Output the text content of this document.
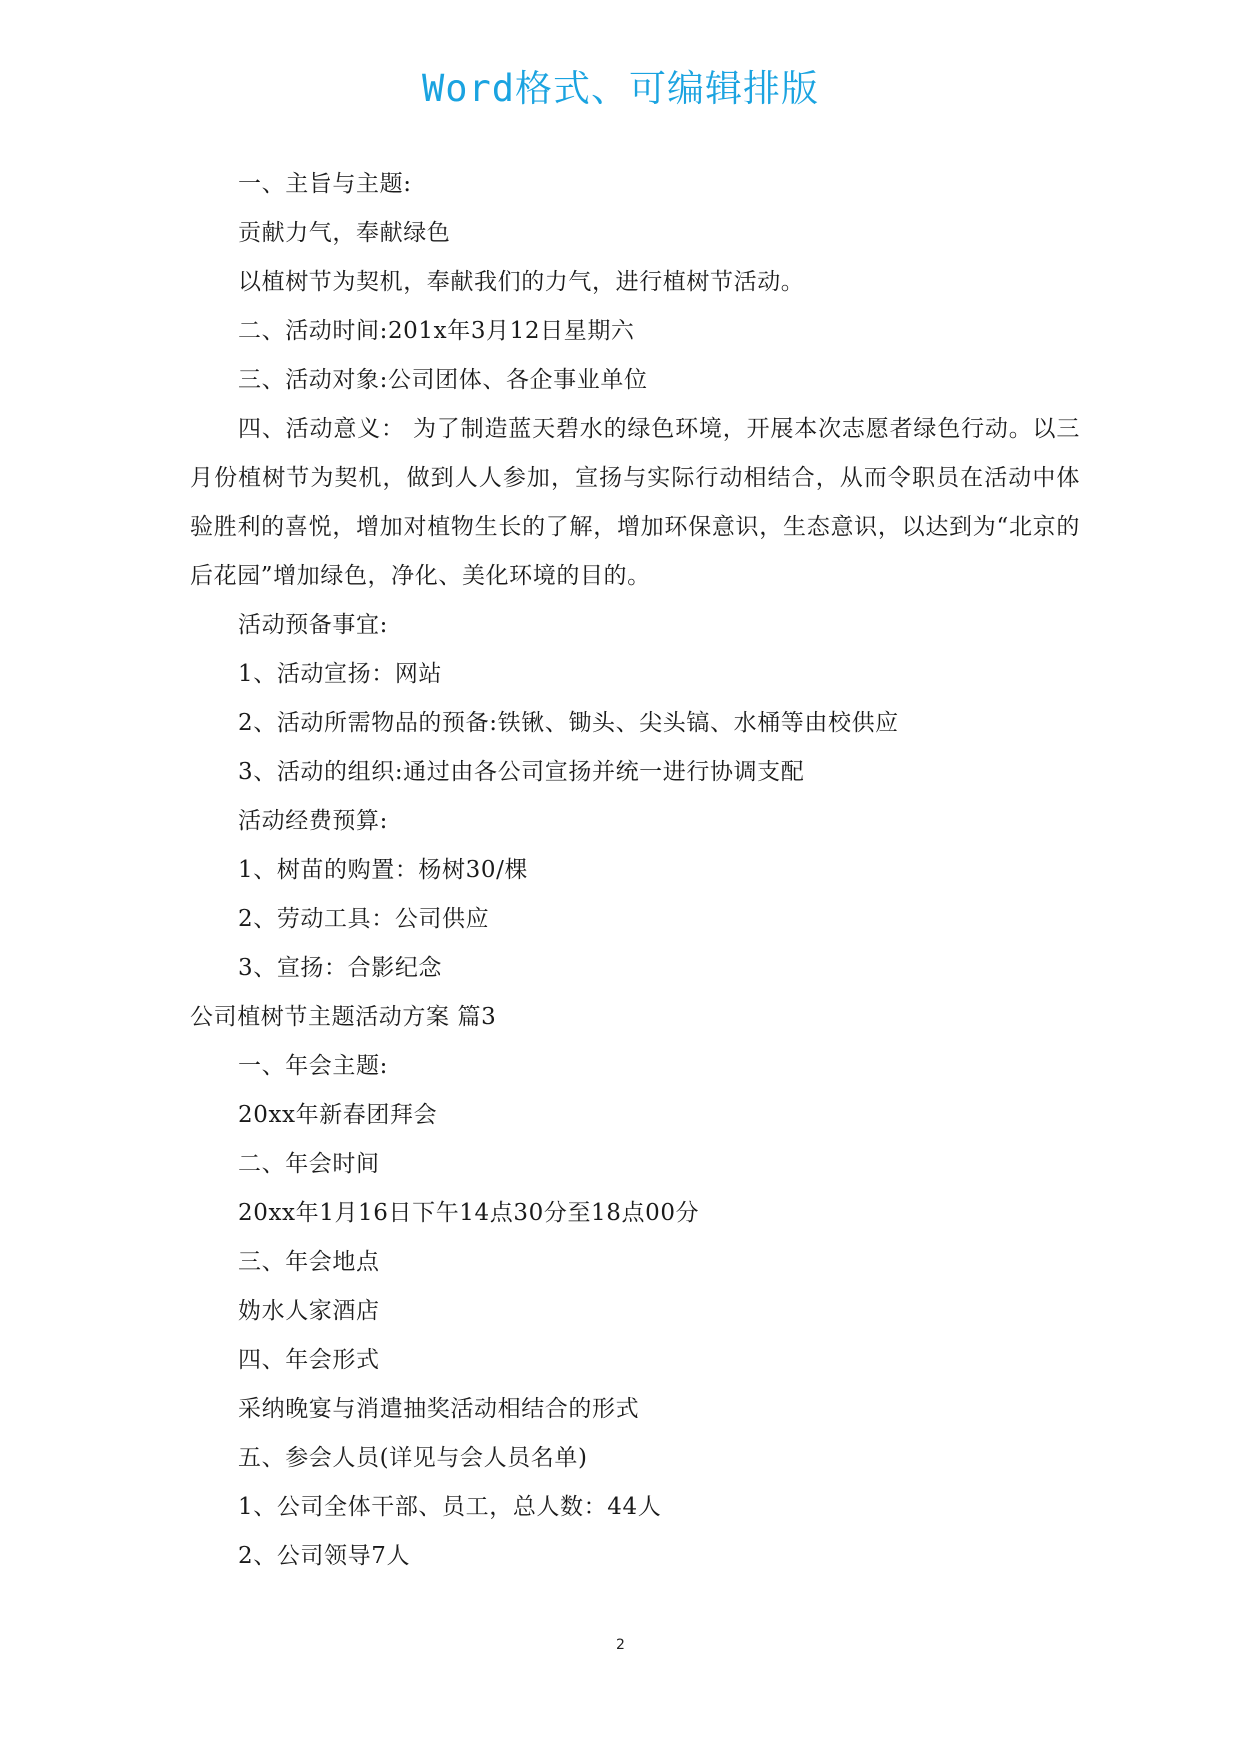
Word格式、可编辑排版
一、主旨与主题:
贡献力气，奉献绿色
以植树节为契机，奉献我们的力气，进行植树节活动。
二、活动时间:201x年3月12日星期六
三、活动对象:公司团体、各企事业单位
四、活动意义： 为了制造蓝天碧水的绿色环境，开展本次志愿者绿色行动。以三月份植树节为契机，做到人人参加，宣扬与实际行动相结合，从而令职员在活动中体验胜利的喜悦，增加对植物生长的了解，增加环保意识，生态意识，以达到为“北京的后花园”增加绿色，净化、美化环境的目的。
活动预备事宜:
1、活动宣扬：网站
2、活动所需物品的预备:铁锹、锄头、尖头镐、水桶等由校供应
3、活动的组织:通过由各公司宣扬并统一进行协调支配
活动经费预算:
1、树苗的购置：杨树30/棵
2、劳动工具：公司供应
3、宣扬：合影纪念
公司植树节主题活动方案 篇3
一、年会主题:
20xx年新春团拜会
二、年会时间
20xx年1月16日下午14点30分至18点00分
三、年会地点
妫水人家酒店
四、年会形式
采纳晚宴与消遣抽奖活动相结合的形式
五、参会人员(详见与会人员名单)
1、公司全体干部、员工，总人数：44人
2、公司领导7人
2
